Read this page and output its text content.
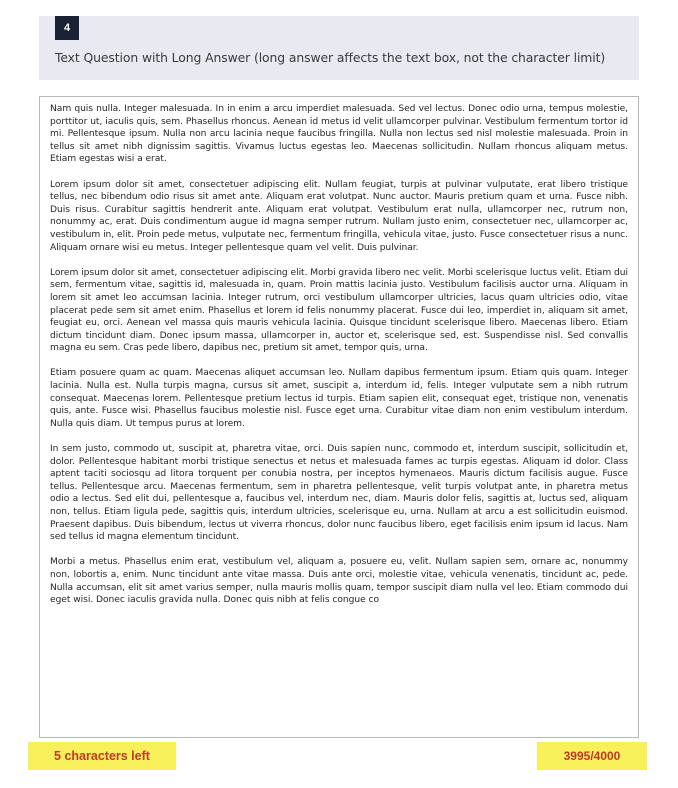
4
Text Question with Long Answer (long answer affects the text box, not the character limit)

Nam quis nulla. Integer malesuada. In in enim a arcu imperdiet malesuada. Sed vel lectus. Donec odio urna, tempus molestie, porttitor ut, iaculis quis, sem. Phasellus rhoncus. Aenean id metus id velit ullamcorper pulvinar. Vestibulum fermentum tortor id mi. Pellentesque ipsum. Nulla non arcu lacinia neque faucibus fringilla. Nulla non lectus sed nisl molestie malesuada. Proin in tellus sit amet nibh dignissim sagittis. Vivamus luctus egestas leo. Maecenas sollicitudin. Nullam rhoncus aliquam metus. Etiam egestas wisi a erat.

Lorem ipsum dolor sit amet, consectetuer adipiscing elit. Nullam feugiat, turpis at pulvinar vulputate, erat libero tristique tellus, nec bibendum odio risus sit amet ante. Aliquam erat volutpat. Nunc auctor. Mauris pretium quam et urna. Fusce nibh. Duis risus. Curabitur sagittis hendrerit ante. Aliquam erat volutpat. Vestibulum erat nulla, ullamcorper nec, rutrum non, nonummy ac, erat. Duis condimentum augue id magna semper rutrum. Nullam justo enim, consectetuer nec, ullamcorper ac, vestibulum in, elit. Proin pede metus, vulputate nec, fermentum fringilla, vehicula vitae, justo. Fusce consectetuer risus a nunc. Aliquam ornare wisi eu metus. Integer pellentesque quam vel velit. Duis pulvinar.

Lorem ipsum dolor sit amet, consectetuer adipiscing elit. Morbi gravida libero nec velit. Morbi scelerisque luctus velit. Etiam dui sem, fermentum vitae, sagittis id, malesuada in, quam. Proin mattis lacinia justo. Vestibulum facilisis auctor urna. Aliquam in lorem sit amet leo accumsan lacinia. Integer rutrum, orci vestibulum ullamcorper ultricies, lacus quam ultricies odio, vitae placerat pede sem sit amet enim. Phasellus et lorem id felis nonummy placerat. Fusce dui leo, imperdiet in, aliquam sit amet, feugiat eu, orci. Aenean vel massa quis mauris vehicula lacinia. Quisque tincidunt scelerisque libero. Maecenas libero. Etiam dictum tincidunt diam. Donec ipsum massa, ullamcorper in, auctor et, scelerisque sed, est. Suspendisse nisl. Sed convallis magna eu sem. Cras pede libero, dapibus nec, pretium sit amet, tempor quis, urna.

Etiam posuere quam ac quam. Maecenas aliquet accumsan leo. Nullam dapibus fermentum ipsum. Etiam quis quam. Integer lacinia. Nulla est. Nulla turpis magna, cursus sit amet, suscipit a, interdum id, felis. Integer vulputate sem a nibh rutrum consequat. Maecenas lorem. Pellentesque pretium lectus id turpis. Etiam sapien elit, consequat eget, tristique non, venenatis quis, ante. Fusce wisi. Phasellus faucibus molestie nisl. Fusce eget urna. Curabitur vitae diam non enim vestibulum interdum. Nulla quis diam. Ut tempus purus at lorem.

In sem justo, commodo ut, suscipit at, pharetra vitae, orci. Duis sapien nunc, commodo et, interdum suscipit, sollicitudin et, dolor. Pellentesque habitant morbi tristique senectus et netus et malesuada fames ac turpis egestas. Aliquam id dolor. Class aptent taciti sociosqu ad litora torquent per conubia nostra, per inceptos hymenaeos. Mauris dictum facilisis augue. Fusce tellus. Pellentesque arcu. Maecenas fermentum, sem in pharetra pellentesque, velit turpis volutpat ante, in pharetra metus odio a lectus. Sed elit dui, pellentesque a, faucibus vel, interdum nec, diam. Mauris dolor felis, sagittis at, luctus sed, aliquam non, tellus. Etiam ligula pede, sagittis quis, interdum ultricies, scelerisque eu, urna. Nullam at arcu a est sollicitudin euismod. Praesent dapibus. Duis bibendum, lectus ut viverra rhoncus, dolor nunc faucibus libero, eget facilisis enim ipsum id lacus. Nam sed tellus id magna elementum tincidunt.

Morbi a metus. Phasellus enim erat, vestibulum vel, aliquam a, posuere eu, velit. Nullam sapien sem, ornare ac, nonummy non, lobortis a, enim. Nunc tincidunt ante vitae massa. Duis ante orci, molestie vitae, vehicula venenatis, tincidunt ac, pede. Nulla accumsan, elit sit amet varius semper, nulla mauris mollis quam, tempor suscipit diam nulla vel leo. Etiam commodo dui eget wisi. Donec iaculis gravida nulla. Donec quis nibh at felis congue co

5 characters left	3995/4000
